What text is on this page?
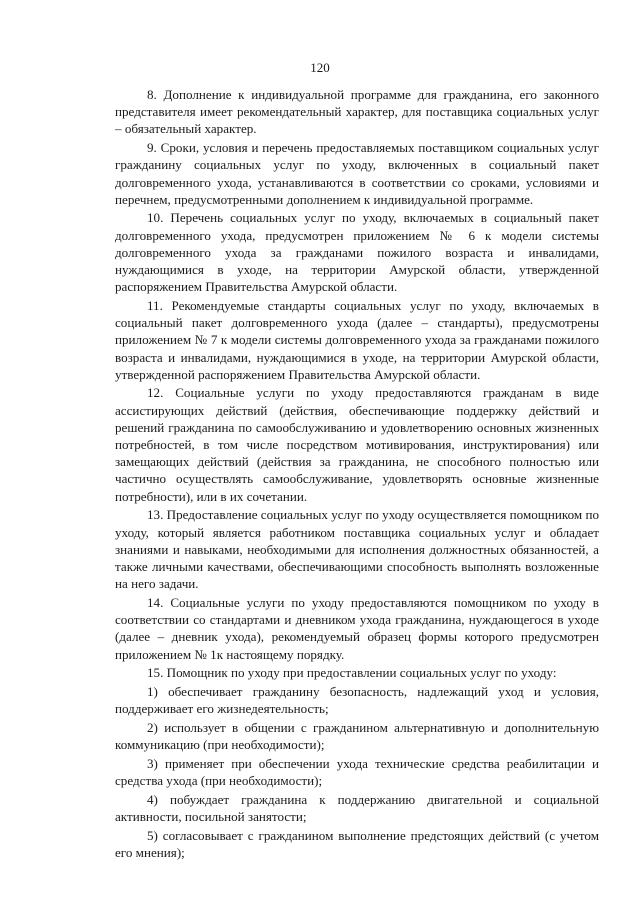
120

8. Дополнение к индивидуальной программе для гражданина, его законного представителя имеет рекомендательный характер, для поставщика социальных услуг – обязательный характер.

9. Сроки, условия и перечень предоставляемых поставщиком социальных услуг гражданину социальных услуг по уходу, включенных в социальный пакет долговременного ухода, устанавливаются в соответствии со сроками, условиями и перечнем, предусмотренными дополнением к индивидуальной программе.

10. Перечень социальных услуг по уходу, включаемых в социальный пакет долговременного ухода, предусмотрен приложением № 6 к модели системы долговременного ухода за гражданами пожилого возраста и инвалидами, нуждающимися в уходе, на территории Амурской области, утвержденной распоряжением Правительства Амурской области.

11. Рекомендуемые стандарты социальных услуг по уходу, включаемых в социальный пакет долговременного ухода (далее – стандарты), предусмотрены приложением № 7 к модели системы долговременного ухода за гражданами пожилого возраста и инвалидами, нуждающимися в уходе, на территории Амурской области, утвержденной распоряжением Правительства Амурской области.

12. Социальные услуги по уходу предоставляются гражданам в виде ассистирующих действий (действия, обеспечивающие поддержку действий и решений гражданина по самообслуживанию и удовлетворению основных жизненных потребностей, в том числе посредством мотивирования, инструктирования) или замещающих действий (действия за гражданина, не способного полностью или частично осуществлять самообслуживание, удовлетворять основные жизненные потребности), или в их сочетании.

13. Предоставление социальных услуг по уходу осуществляется помощником по уходу, который является работником поставщика социальных услуг и обладает знаниями и навыками, необходимыми для исполнения должностных обязанностей, а также личными качествами, обеспечивающими способность выполнять возложенные на него задачи.

14. Социальные услуги по уходу предоставляются помощником по уходу в соответствии со стандартами и дневником ухода гражданина, нуждающегося в уходе (далее – дневник ухода), рекомендуемый образец формы которого предусмотрен приложением № 1к настоящему порядку.

15. Помощник по уходу при предоставлении социальных услуг по уходу:

1) обеспечивает гражданину безопасность, надлежащий уход и условия, поддерживает его жизнедеятельность;

2) использует в общении с гражданином альтернативную и дополнительную коммуникацию (при необходимости);

3) применяет при обеспечении ухода технические средства реабилитации и средства ухода (при необходимости);

4) побуждает гражданина к поддержанию двигательной и социальной активности, посильной занятости;

5) согласовывает с гражданином выполнение предстоящих действий (с учетом его мнения);
